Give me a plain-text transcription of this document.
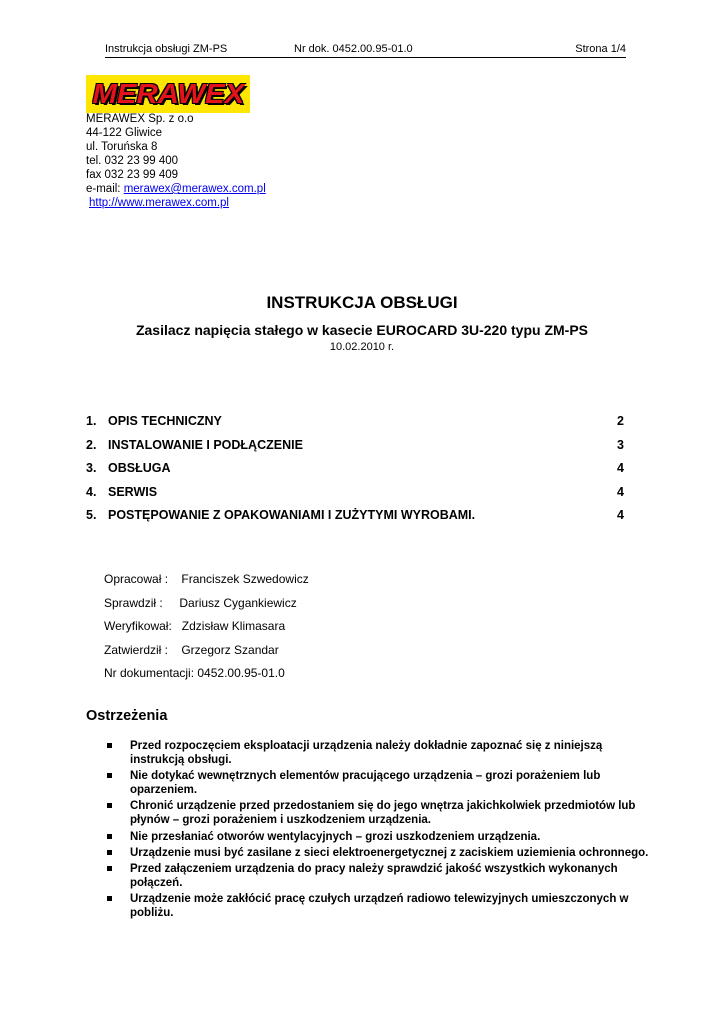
Instrukcja obsługi ZM-PS	Nr dok. 0452.00.95-01.0	Strona 1/4
MERAWEX
MERAWEX Sp. z o.o
44-122 Gliwice
ul. Toruńska 8
tel. 032 23 99 400
fax 032 23 99 409
e-mail: merawex@merawex.com.pl
http://www.merawex.com.pl
INSTRUKCJA OBSŁUGI
Zasilacz napięcia stałego w kasecie EUROCARD 3U-220 typu ZM-PS
10.02.2010 r.
1. OPIS TECHNICZNY	2
2. INSTALOWANIE I PODŁĄCZENIE	3
3. OBSŁUGA	4
4. SERWIS	4
5. POSTĘPOWANIE Z OPAKOWANIAMI I ZUŻYTYMI WYROBAMI.	4
Opracował :    Franciszek Szwedowicz
Sprawdził :     Dariusz Cygankiewicz
Weryfikował:   Zdzisław Klimasara
Zatwierdził :    Grzegorz Szandar
Nr dokumentacji: 0452.00.95-01.0
Ostrzeżenia
Przed rozpoczęciem eksploatacji urządzenia należy dokładnie zapoznać się z niniejszą instrukcją obsługi.
Nie dotykać wewnętrznych elementów pracującego urządzenia – grozi porażeniem lub oparzeniem.
Chronić urządzenie przed przedostaniem się do jego wnętrza jakichkolwiek przedmiotów lub płynów – grozi porażeniem i uszkodzeniem urządzenia.
Nie przesłaniać otworów wentylacyjnych – grozi uszkodzeniem urządzenia.
Urządzenie musi być zasilane z sieci elektroenergetycznej z zaciskiem uziemienia ochronnego.
Przed załączeniem urządzenia do pracy należy sprawdzić jakość wszystkich wykonanych połączeń.
Urządzenie może zakłócić pracę czułych urządzeń radiowo telewizyjnych umieszczonych w pobliżu.
